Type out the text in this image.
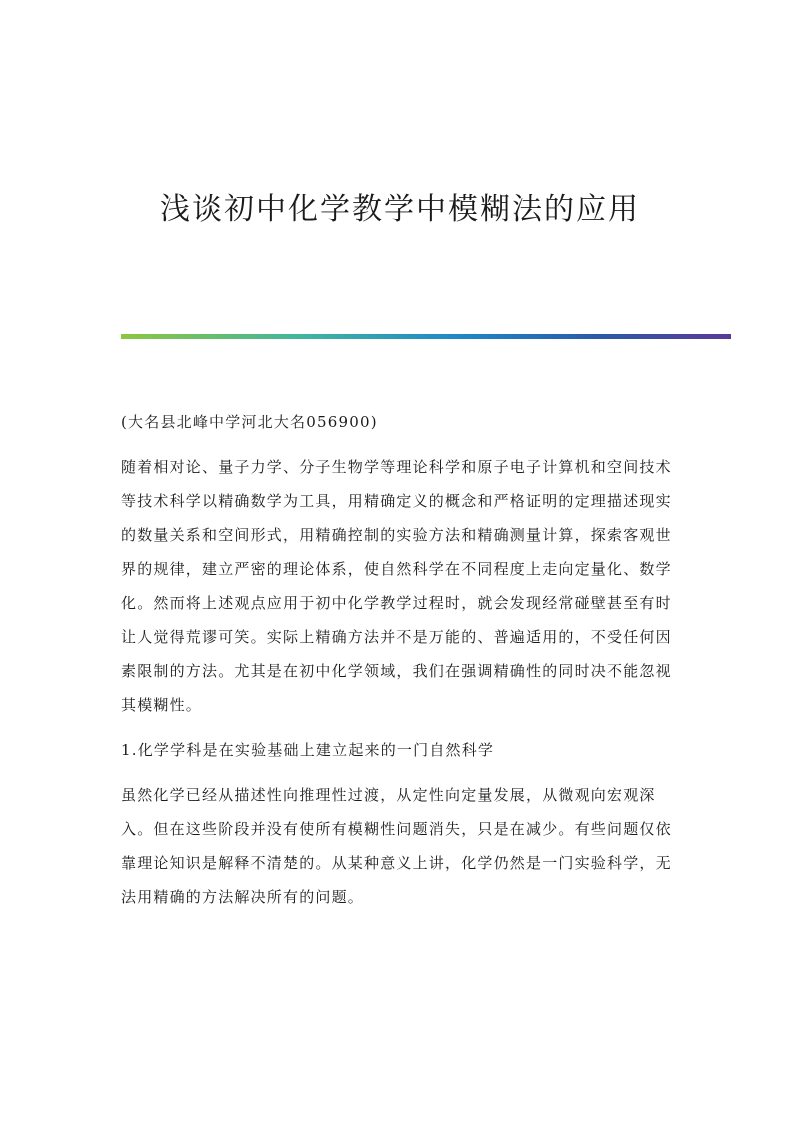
浅谈初中化学教学中模糊法的应用

(大名县北峰中学河北大名056900)

随着相对论、量子力学、分子生物学等理论科学和原子电子计算机和空间技术等技术科学以精确数学为工具，用精确定义的概念和严格证明的定理描述现实的数量关系和空间形式，用精确控制的实验方法和精确测量计算，探索客观世界的规律，建立严密的理论体系，使自然科学在不同程度上走向定量化、数学化。然而将上述观点应用于初中化学教学过程时，就会发现经常碰壁甚至有时让人觉得荒谬可笑。实际上精确方法并不是万能的、普遍适用的，不受任何因素限制的方法。尤其是在初中化学领域，我们在强调精确性的同时决不能忽视其模糊性。

1.化学学科是在实验基础上建立起来的一门自然科学

虽然化学已经从描述性向推理性过渡，从定性向定量发展，从微观向宏观深入。但在这些阶段并没有使所有模糊性问题消失，只是在减少。有些问题仅依靠理论知识是解释不清楚的。从某种意义上讲，化学仍然是一门实验科学，无法用精确的方法解决所有的问题。
